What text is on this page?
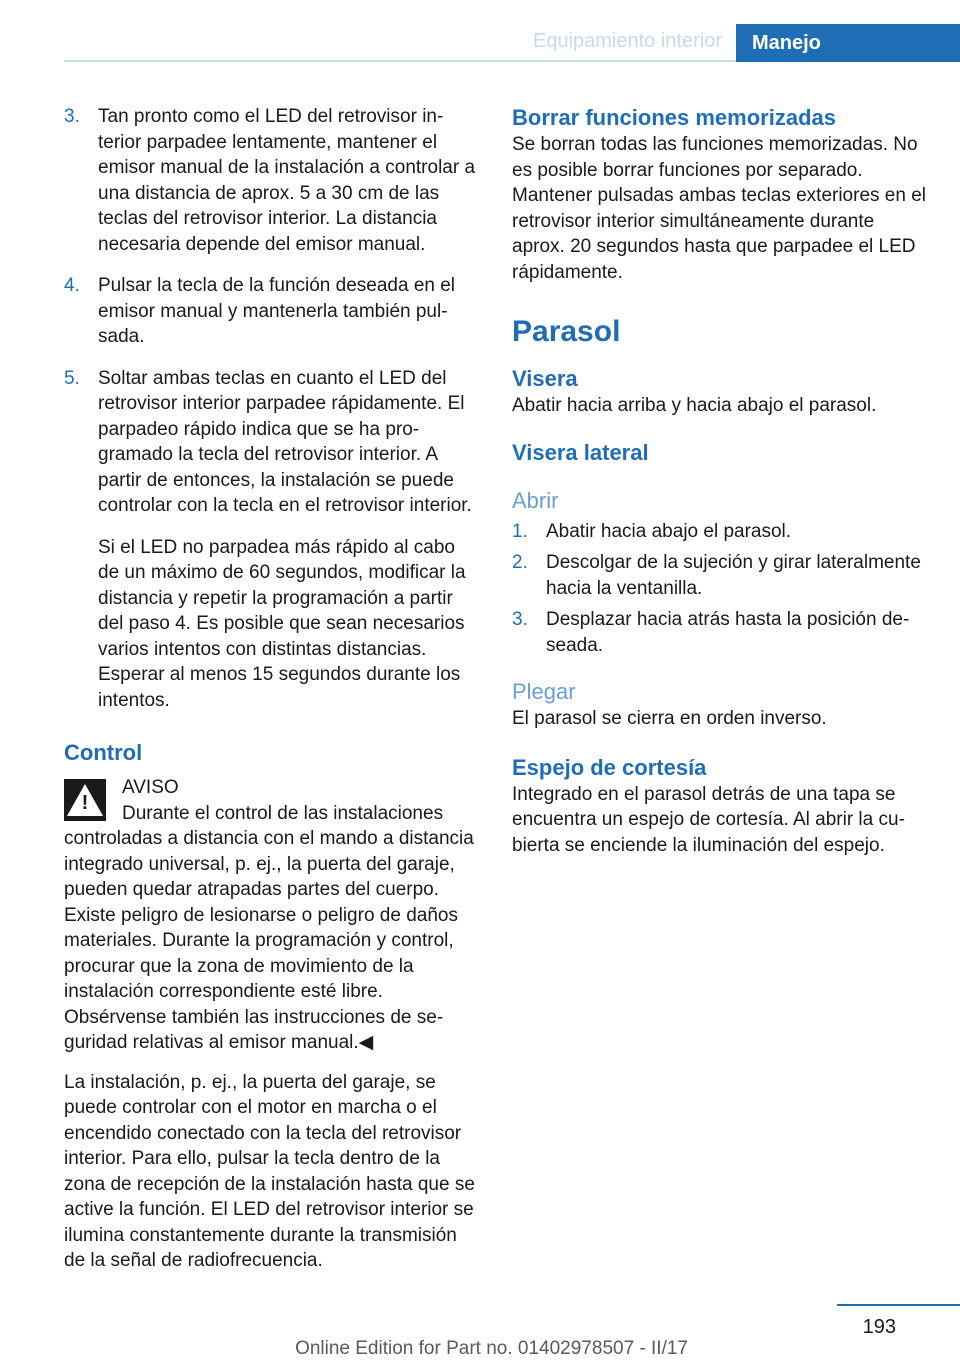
Equipamiento interior	Manejo
3. Tan pronto como el LED del retrovisor interior parpadee lentamente, mantener el emisor manual de la instalación a controlar a una distancia de aprox. 5 a 30 cm de las teclas del retrovisor interior. La distancia necesaria depende del emisor manual.

4. Pulsar la tecla de la función deseada en el emisor manual y mantenerla también pulsada.

5. Soltar ambas teclas en cuanto el LED del retrovisor interior parpadee rápidamente. El parpadeo rápido indica que se ha programado la tecla del retrovisor interior. A partir de entonces, la instalación se puede controlar con la tecla en el retrovisor interior.

Si el LED no parpadea más rápido al cabo de un máximo de 60 segundos, modificar la distancia y repetir la programación a partir del paso 4. Es posible que sean necesarios varios intentos con distintas distancias. Esperar al menos 15 segundos durante los intentos.

Control
!
AVISO
Durante el control de las instalaciones
controladas a distancia con el mando a distancia integrado universal, p. ej., la puerta del garaje, pueden quedar atrapadas partes del cuerpo. Existe peligro de lesionarse o peligro de daños materiales. Durante la programación y control, procurar que la zona de movimiento de la instalación correspondiente esté libre. Obsérvense también las instrucciones de seguridad relativas al emisor manual.◀

La instalación, p. ej., la puerta del garaje, se puede controlar con el motor en marcha o el encendido conectado con la tecla del retrovisor interior. Para ello, pulsar la tecla dentro de la zona de recepción de la instalación hasta que se active la función. El LED del retrovisor interior se ilumina constantemente durante la transmisión de la señal de radiofrecuencia.

Borrar funciones memorizadas

Se borran todas las funciones memorizadas. No es posible borrar funciones por separado. Mantener pulsadas ambas teclas exteriores en el retrovisor interior simultáneamente durante aprox. 20 segundos hasta que parpadee el LED rápidamente.

Parasol
Visera

Abatir hacia arriba y hacia abajo el parasol.

Visera lateral
Abrir
1. Abatir hacia abajo el parasol.
2. Descolgar de la sujeción y girar lateralmente hacia la ventanilla.
3. Desplazar hacia atrás hasta la posición deseada.
Plegar

El parasol se cierra en orden inverso.

Espejo de cortesía

Integrado en el parasol detrás de una tapa se encuentra un espejo de cortesía. Al abrir la cubierta se enciende la iluminación del espejo.

193
Online Edition for Part no. 01402978507 - II/17
